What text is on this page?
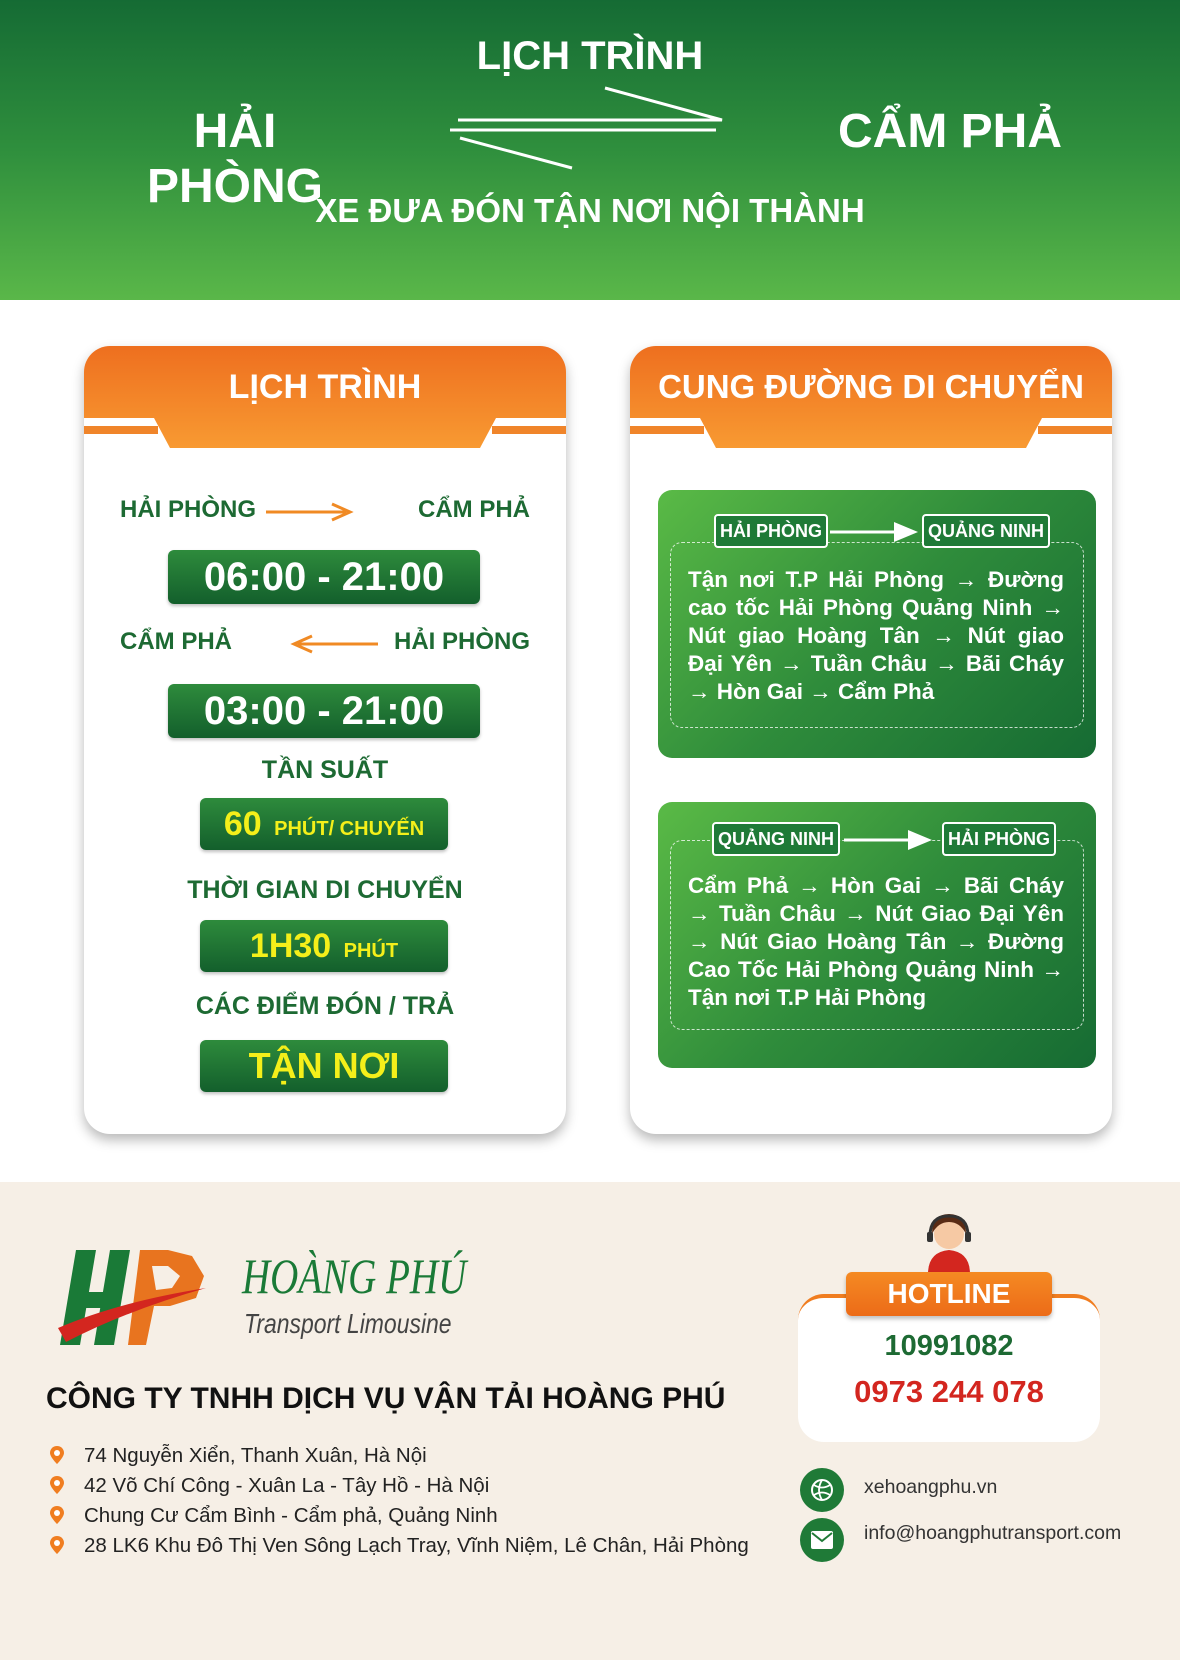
LỊCH TRÌNH
HẢI PHÒNG
CẨM PHẢ
XE ĐƯA ĐÓN TẬN NƠI NỘI THÀNH
LỊCH TRÌNH
HẢI PHÒNG	CẨM PHẢ
06:00 - 21:00
CẨM PHẢ	HẢI PHÒNG
03:00 - 21:00
TẦN SUẤT
60 PHÚT/ CHUYẾN
THỜI GIAN DI CHUYỂN
1H30 PHÚT
CÁC ĐIỂM ĐÓN / TRẢ
TẬN NƠI
CUNG ĐƯỜNG DI CHUYỂN
HẢI PHÒNG	QUẢNG NINH
Tận nơi T.P Hải Phòng → Đường cao tốc Hải Phòng Quảng Ninh → Nút giao Hoàng Tân → Nút giao Đại Yên → Tuần Châu → Bãi Cháy → Hòn Gai → Cẩm Phả
QUẢNG NINH	HẢI PHÒNG
Cẩm Phả → Hòn Gai → Bãi Cháy → Tuần Châu → Nút Giao Đại Yên → Nút Giao Hoàng Tân → Đường Cao Tốc Hải Phòng Quảng Ninh → Tận nơi T.P Hải Phòng
HOÀNG PHÚ
Transport Limousine
CÔNG TY TNHH DỊCH VỤ VẬN TẢI HOÀNG PHÚ
74 Nguyễn Xiển, Thanh Xuân, Hà Nội
42 Võ Chí Công - Xuân La - Tây Hồ - Hà Nội
Chung Cư Cẩm Bình - Cẩm phả, Quảng Ninh
28 LK6 Khu Đô Thị Ven Sông Lạch Tray, Vĩnh Niệm, Lê Chân, Hải Phòng
HOTLINE
10991082
0973 244 078
xehoangphu.vn
info@hoangphutransport.com
